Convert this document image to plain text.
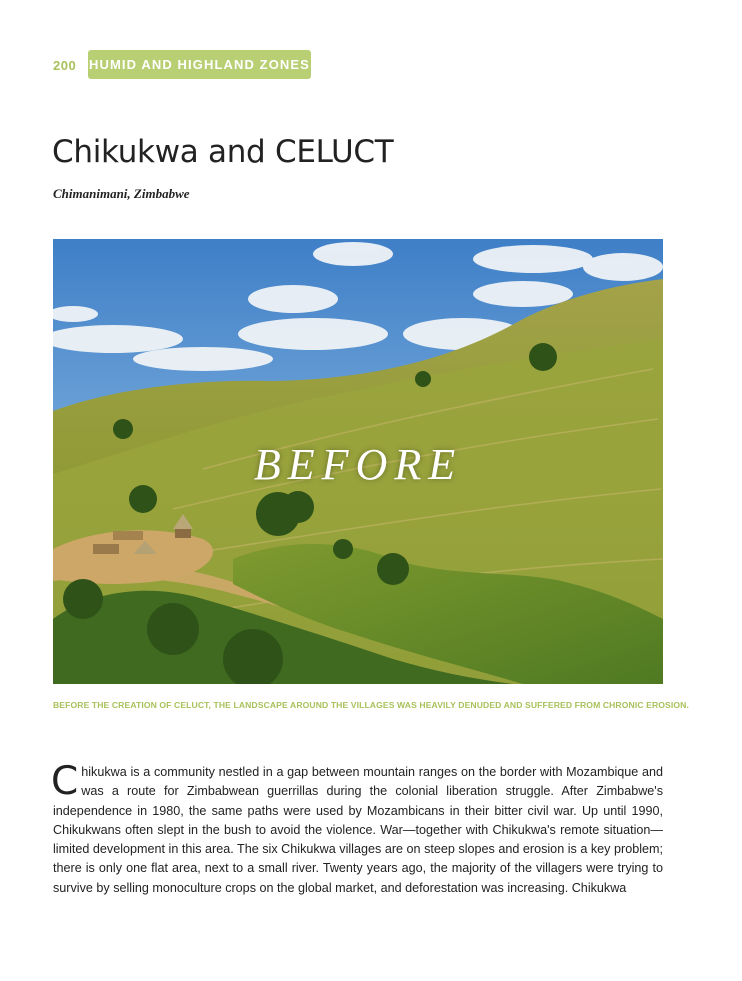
200 HUMID AND HIGHLAND ZONES
Chikukwa and CELUCT
Chimanimani, Zimbabwe
BEFORE
BEFORE THE CREATION OF CELUCT, THE LANDSCAPE AROUND THE VILLAGES WAS HEAVILY DENUDED AND SUFFERED FROM CHRONIC EROSION.
Chikukwa is a community nestled in a gap between mountain ranges on the border with Mozambique and was a route for Zimbabwean guerrillas during the colonial liberation struggle. After Zimbabwe's independence in 1980, the same paths were used by Mozambicans in their bitter civil war. Up until 1990, Chikukwans often slept in the bush to avoid the violence. War—together with Chikukwa's remote situation—limited development in this area. The six Chikukwa villages are on steep slopes and erosion is a key problem; there is only one flat area, next to a small river. Twenty years ago, the majority of the villagers were trying to survive by selling monoculture crops on the global market, and deforestation was increasing. Chikukwa
